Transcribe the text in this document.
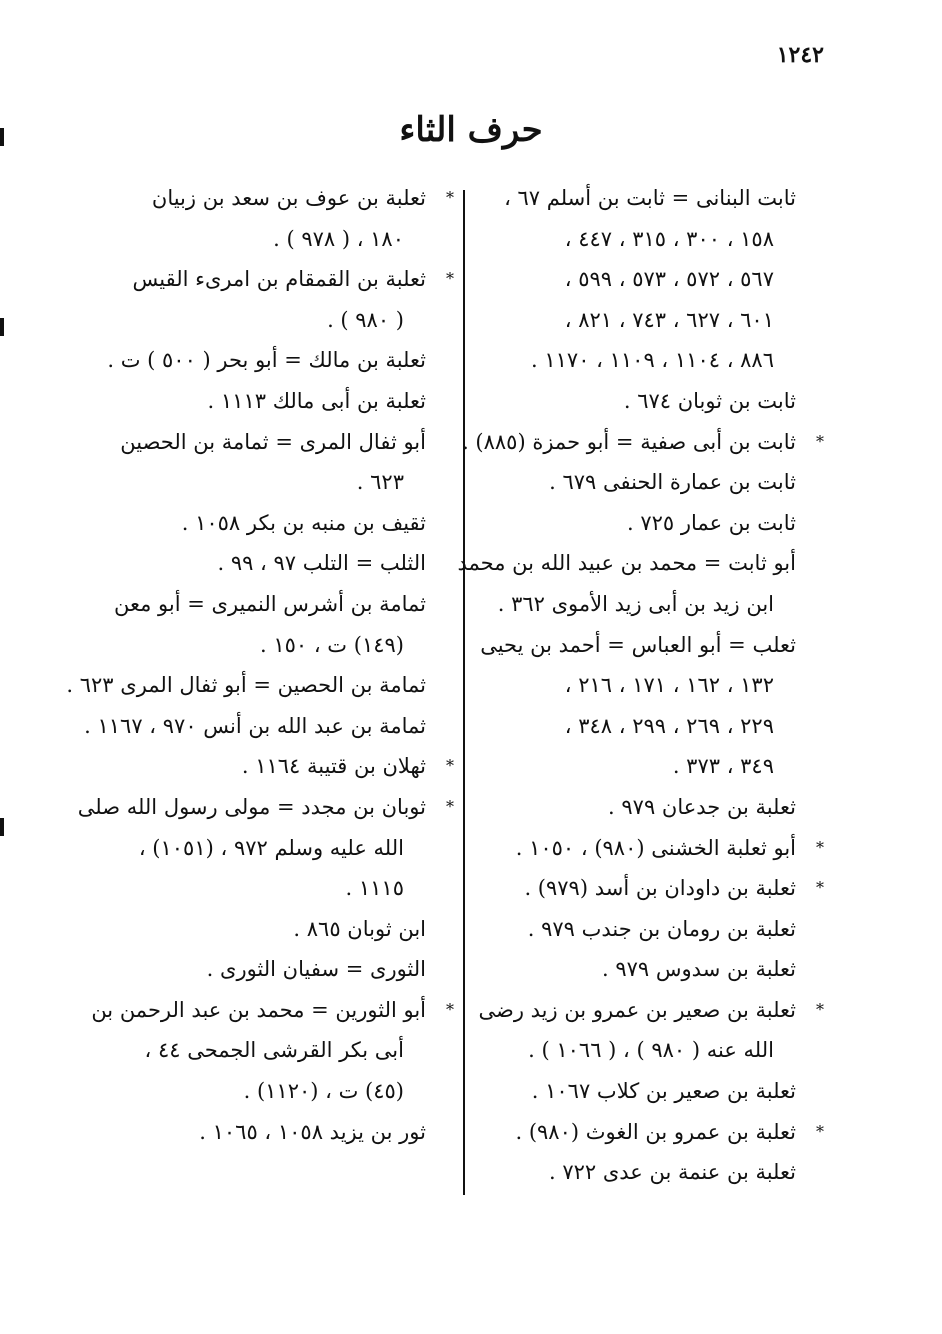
١٢٤٢
حرف الثاء
ثابت البنانى = ثابت بن أسلم ٦٧ ،
١٥٨ ، ٣٠٠ ، ٣١٥ ، ٤٤٧ ،
٥٦٧ ، ٥٧٢ ، ٥٧٣ ، ٥٩٩ ،
٦٠١ ، ٦٢٧ ، ٧٤٣ ، ٨٢١ ،
٨٨٦ ، ١١٠٤ ، ١١٠٩ ، ١١٧٠ .
ثابت بن ثوبان ٦٧٤ .
*
ثابت بن أبى صفية = أبو حمزة (٨٨٥) .
ثابت بن عمارة الحنفى ٦٧٩ .
ثابت بن عمار ٧٢٥ .
أبو ثابت = محمد بن عبيد الله بن محمد
ابن زيد بن أبى زيد الأموى ٣٦٢ .
ثعلب = أبو العباس = أحمد بن يحيى
١٣٢ ، ١٦٢ ، ١٧١ ، ٢١٦ ،
٢٢٩ ، ٢٦٩ ، ٢٩٩ ، ٣٤٨ ،
٣٤٩ ، ٣٧٣ .
ثعلبة بن جدعان ٩٧٩ .
*
أبو ثعلبة الخشنى (٩٨٠) ، ١٠٥٠ .
*
ثعلبة بن داودان بن أسد (٩٧٩) .
ثعلبة بن رومان بن جندب ٩٧٩ .
ثعلبة بن سدوس ٩٧٩ .
*
ثعلبة بن صعير بن عمرو بن زيد رضى
الله عنه ( ٩٨٠ ) ، ( ١٠٦٦ ) .
ثعلبة بن صعير بن كلاب ١٠٦٧ .
*
ثعلبة بن عمرو بن الغوث (٩٨٠) .
ثعلبة بن عنمة بن عدى ٧٢٢ .
*
ثعلبة بن عوف بن سعد بن زبيان
١٨٠ ، ( ٩٧٨ ) .
*
ثعلبة بن القمقام بن امرىء القيس
( ٩٨٠ ) .
ثعلبة بن مالك = أبو بحر ( ٥٠٠ ) ت .
ثعلبة بن أبى مالك ١١١٣ .
أبو ثفال المرى = ثمامة بن الحصين
٦٢٣ .
ثقيف بن منبه بن بكر ١٠٥٨ .
الثلب = التلب ٩٧ ، ٩٩ .
ثمامة بن أشرس النميرى = أبو معن
(١٤٩) ت ، ١٥٠ .
ثمامة بن الحصين = أبو ثفال المرى ٦٢٣ .
ثمامة بن عبد الله بن أنس ٩٧٠ ، ١١٦٧ .
*
ثهلان بن قتيبة ١١٦٤ .
*
ثوبان بن مجدد = مولى رسول الله صلى
الله عليه وسلم ٩٧٢ ، (١٠٥١) ،
١١١٥ .
ابن ثوبان ٨٦٥ .
الثورى = سفيان الثورى .
*
أبو الثورين = محمد بن عبد الرحمن بن
أبى بكر القرشى الجمحى ٤٤ ،
(٤٥) ت ، (١١٢٠) .
ثور بن يزيد ١٠٥٨ ، ١٠٦٥ .
